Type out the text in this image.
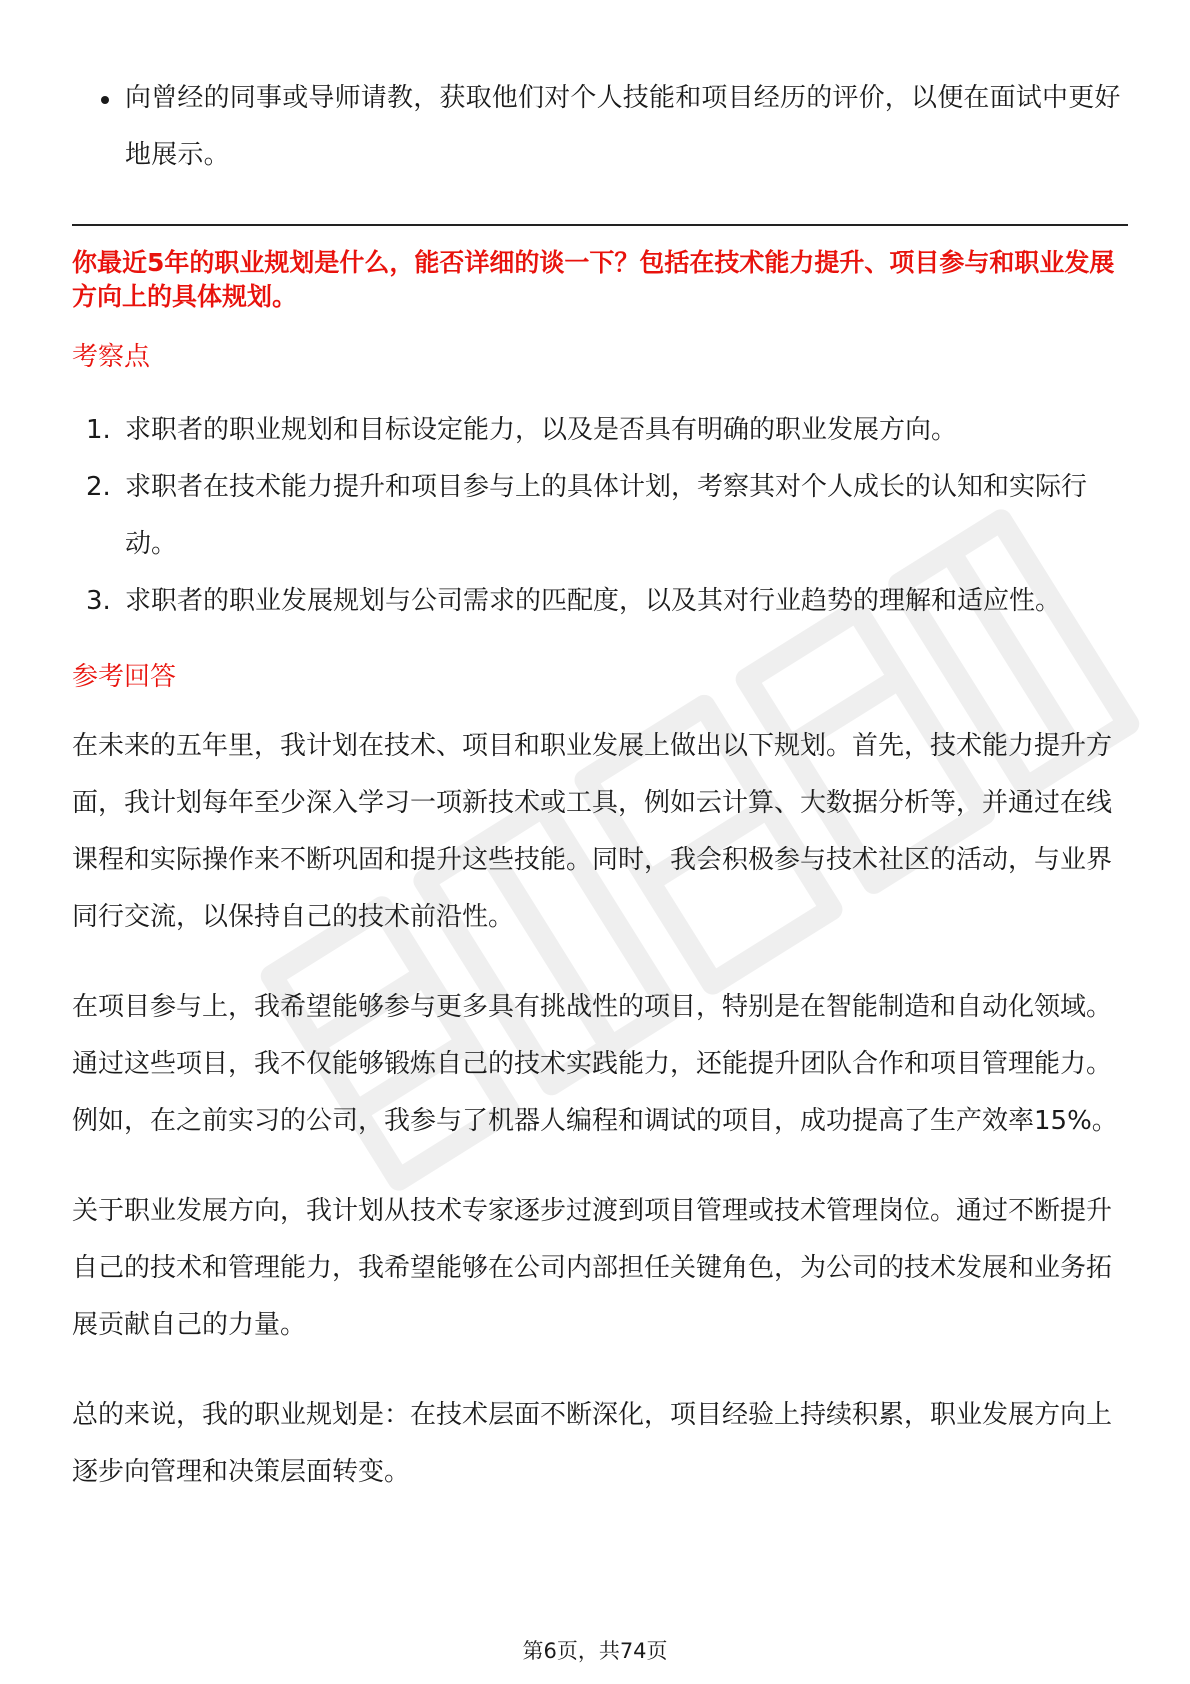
向曾经的同事或导师请教，获取他们对个人技能和项目经历的评价，以便在面试中更好地展示。
你最近5年的职业规划是什么，能否详细的谈一下？包括在技术能力提升、项目参与和职业发展方向上的具体规划。
考察点
1. 求职者的职业规划和目标设定能力，以及是否具有明确的职业发展方向。
2. 求职者在技术能力提升和项目参与上的具体计划，考察其对个人成长的认知和实际行动。
3. 求职者的职业发展规划与公司需求的匹配度，以及其对行业趋势的理解和适应性。
参考回答

在未来的五年里，我计划在技术、项目和职业发展上做出以下规划。首先，技术能力提升方面，我计划每年至少深入学习一项新技术或工具，例如云计算、大数据分析等，并通过在线课程和实际操作来不断巩固和提升这些技能。同时，我会积极参与技术社区的活动，与业界同行交流，以保持自己的技术前沿性。

在项目参与上，我希望能够参与更多具有挑战性的项目，特别是在智能制造和自动化领域。通过这些项目，我不仅能够锻炼自己的技术实践能力，还能提升团队合作和项目管理能力。例如，在之前实习的公司，我参与了机器人编程和调试的项目，成功提高了生产效率15%。

关于职业发展方向，我计划从技术专家逐步过渡到项目管理或技术管理岗位。通过不断提升自己的技术和管理能力，我希望能够在公司内部担任关键角色，为公司的技术发展和业务拓展贡献自己的力量。

总的来说，我的职业规划是：在技术层面不断深化，项目经验上持续积累，职业发展方向上逐步向管理和决策层面转变。

第6页，共74页
